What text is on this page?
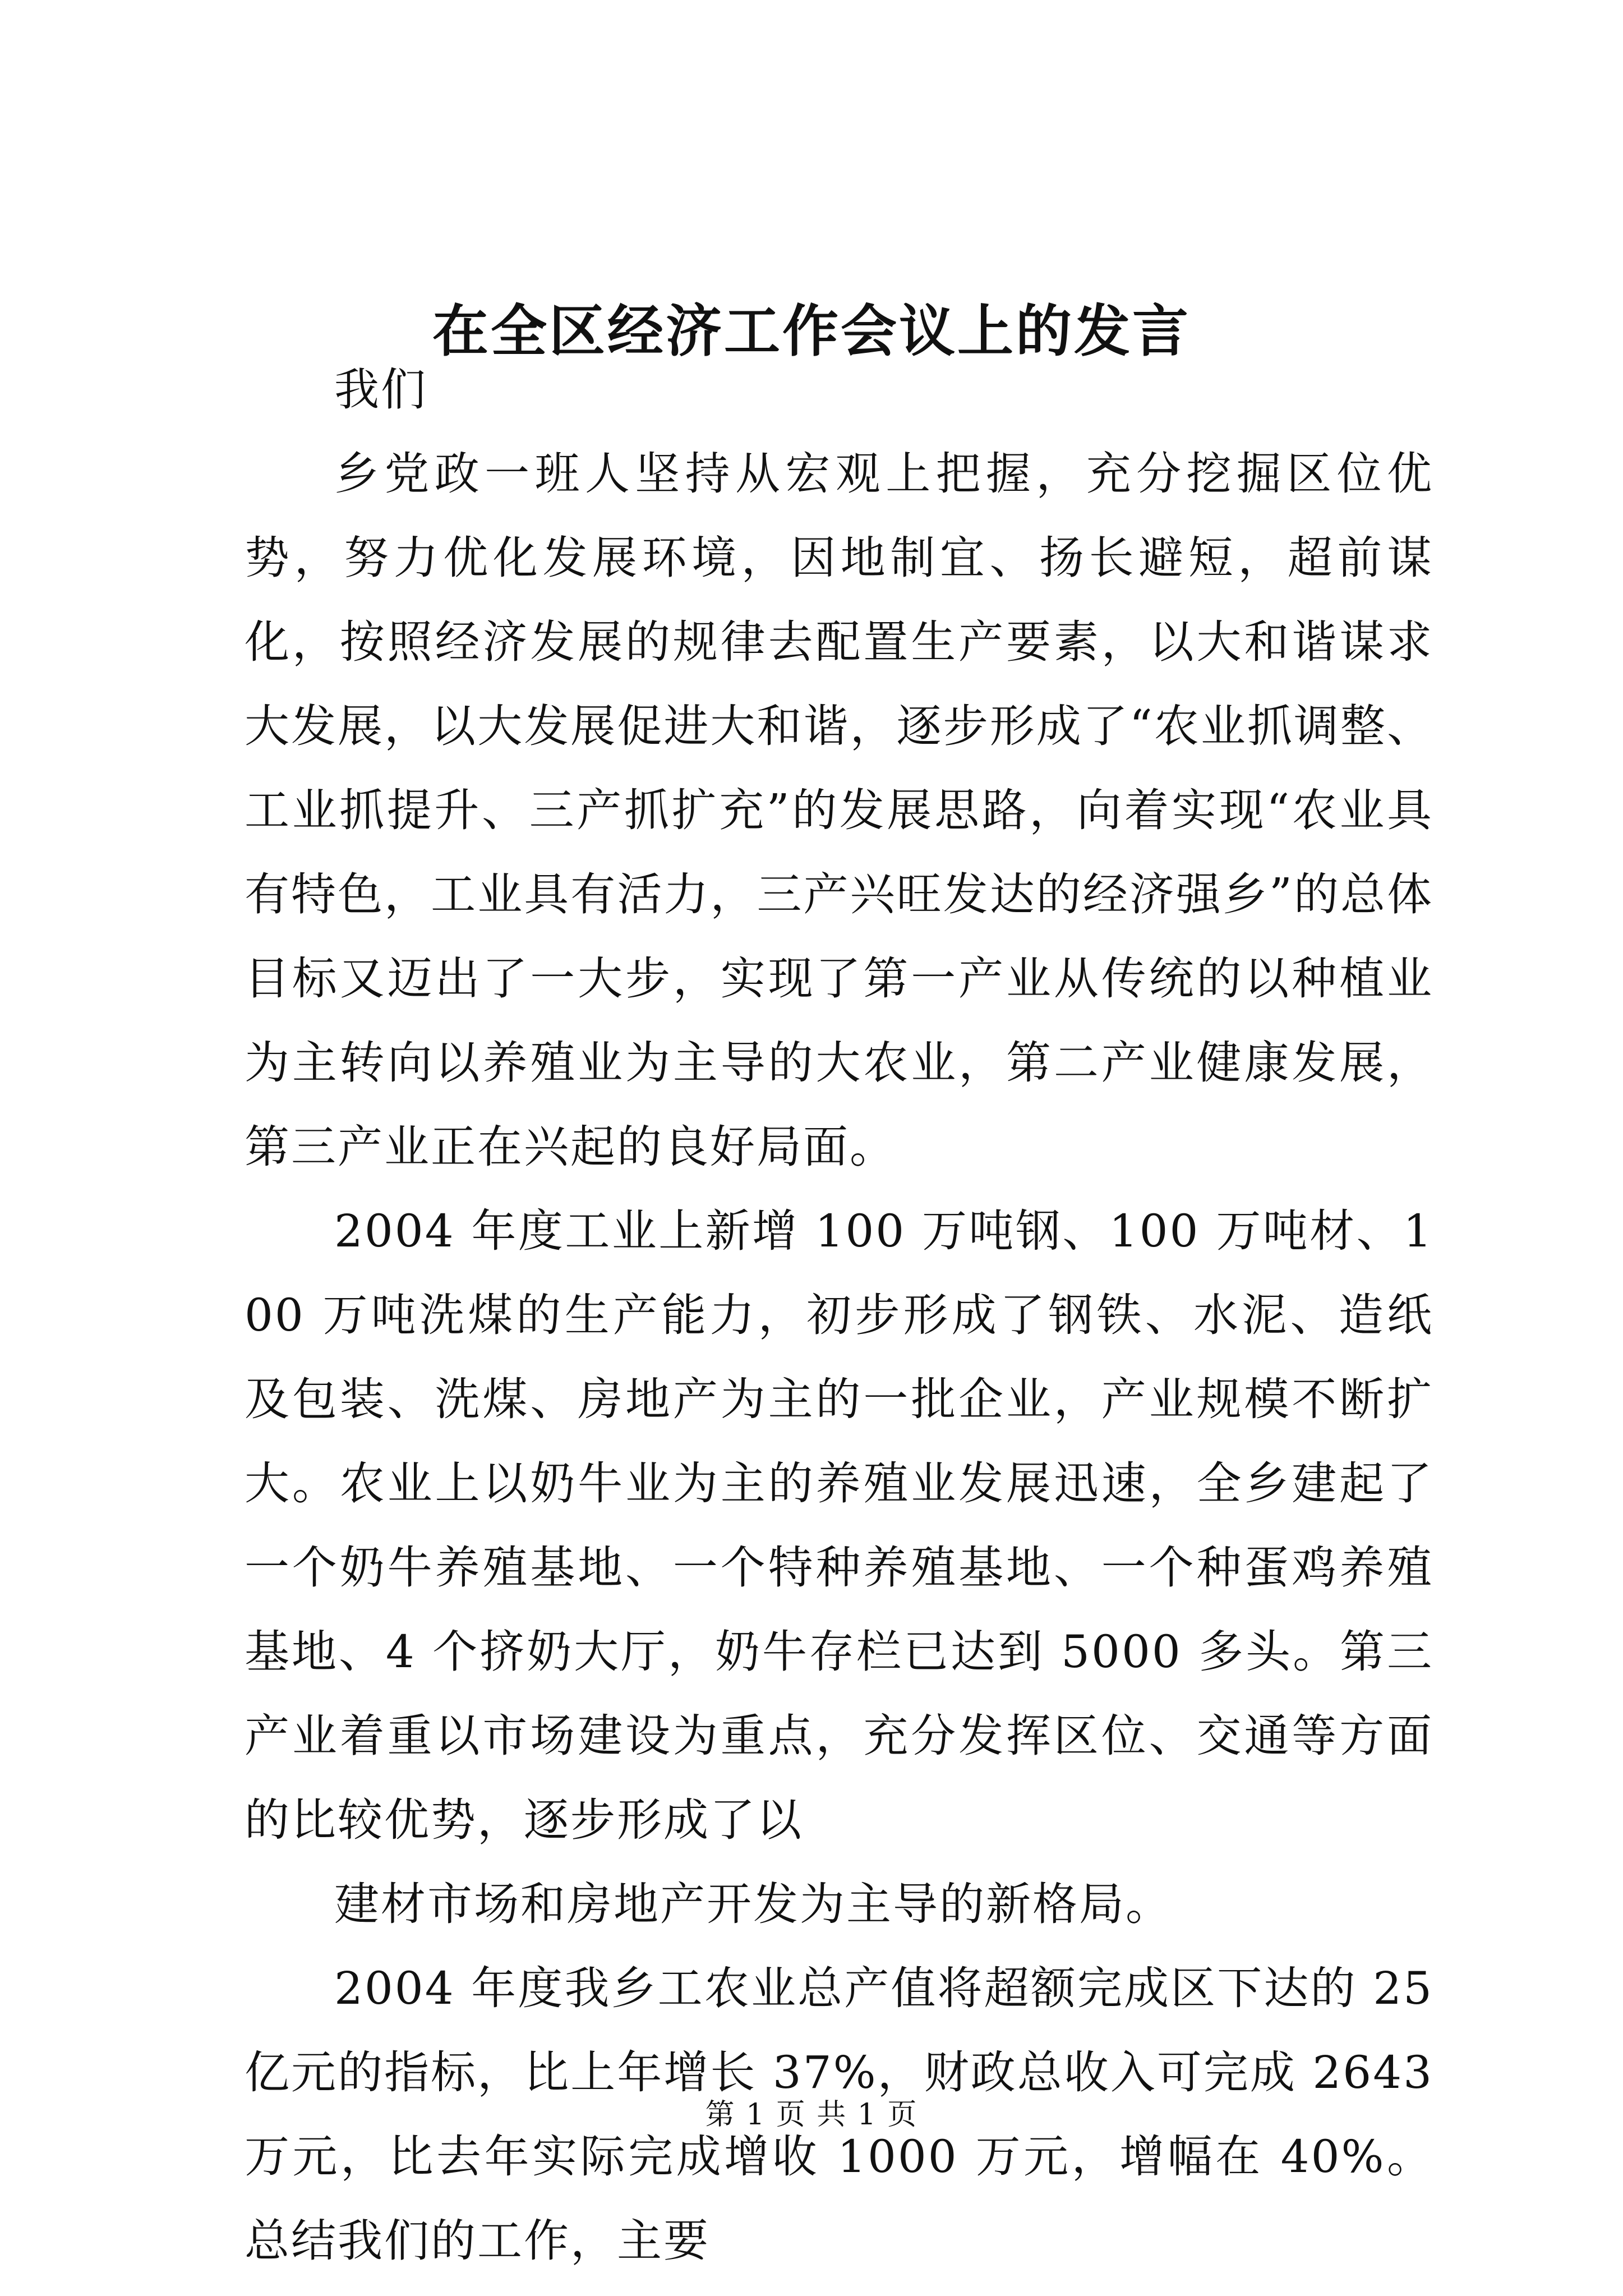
在全区经济工作会议上的发言

我们

乡党政一班人坚持从宏观上把握，充分挖掘区位优势，努力优化发展环境，因地制宜、扬长避短，超前谋化，按照经济发展的规律去配置生产要素，以大和谐谋求大发展，以大发展促进大和谐，逐步形成了“农业抓调整、工业抓提升、三产抓扩充”的发展思路，向着实现“农业具有特色，工业具有活力，三产兴旺发达的经济强乡”的总体目标又迈出了一大步，实现了第一产业从传统的以种植业为主转向以养殖业为主导的大农业，第二产业健康发展，第三产业正在兴起的良好局面。

2004 年度工业上新增 100 万吨钢、100 万吨材、100 万吨洗煤的生产能力，初步形成了钢铁、水泥、造纸及包装、洗煤、房地产为主的一批企业，产业规模不断扩大。农业上以奶牛业为主的养殖业发展迅速，全乡建起了一个奶牛养殖基地、一个特种养殖基地、一个种蛋鸡养殖基地、4 个挤奶大厅，奶牛存栏已达到 5000 多头。第三产业着重以市场建设为重点，充分发挥区位、交通等方面的比较优势，逐步形成了以

建材市场和房地产开发为主导的新格局。

2004 年度我乡工农业总产值将超额完成区下达的 25 亿元的指标，比上年增长 37%，财政总收入可完成 2643 万元，比去年实际完成增收 1000 万元，增幅在 40%。总结我们的工作，主要

第 1 页 共 1 页
